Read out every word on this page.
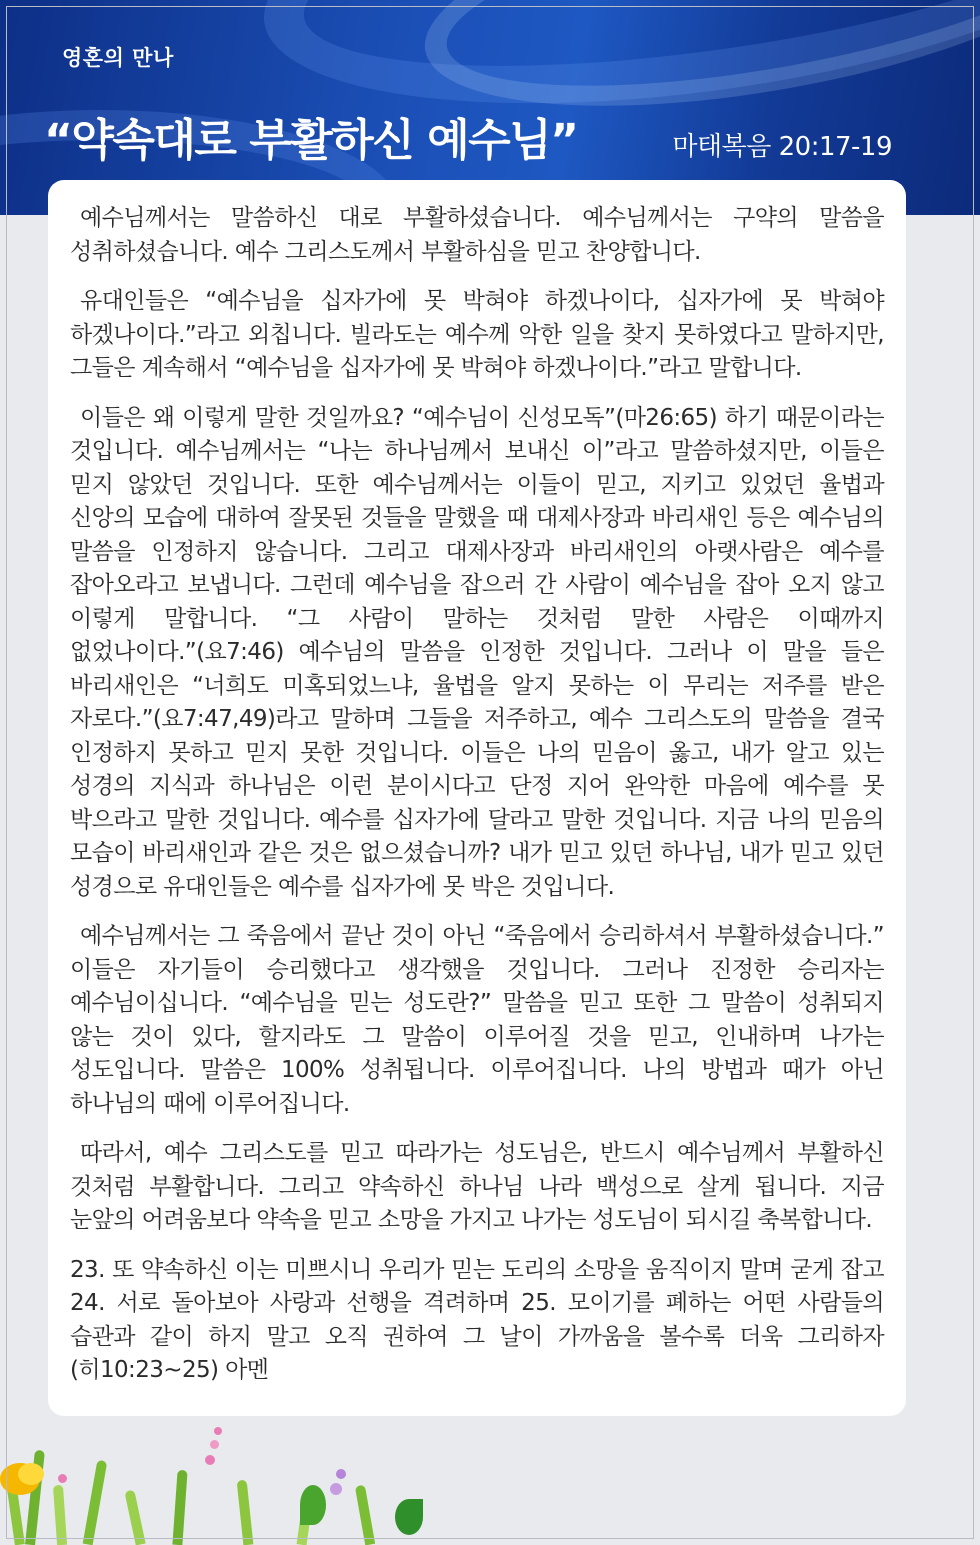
영혼의 만나
“약속대로 부활하신 예수님”	마태복음 20:17-19

예수님께서는 말씀하신 대로 부활하셨습니다. 예수님께서는 구약의 말씀을 성취하셨습니다. 예수 그리스도께서 부활하심을 믿고 찬양합니다.

유대인들은 “예수님을 십자가에 못 박혀야 하겠나이다, 십자가에 못 박혀야 하겠나이다.”라고 외칩니다. 빌라도는 예수께 악한 일을 찾지 못하였다고 말하지만, 그들은 계속해서 “예수님을 십자가에 못 박혀야 하겠나이다.”라고 말합니다.

이들은 왜 이렇게 말한 것일까요? “예수님이 신성모독”(마26:65) 하기 때문이라는 것입니다. 예수님께서는 “나는 하나님께서 보내신 이”라고 말씀하셨지만, 이들은 믿지 않았던 것입니다. 또한 예수님께서는 이들이 믿고, 지키고 있었던 율법과 신앙의 모습에 대하여 잘못된 것들을 말했을 때 대제사장과 바리새인 등은 예수님의 말씀을 인정하지 않습니다. 그리고 대제사장과 바리새인의 아랫사람은 예수를 잡아오라고 보냅니다. 그런데 예수님을 잡으러 간 사람이 예수님을 잡아 오지 않고 이렇게 말합니다. “그 사람이 말하는 것처럼 말한 사람은 이때까지 없었나이다.”(요7:46) 예수님의 말씀을 인정한 것입니다. 그러나 이 말을 들은 바리새인은 “너희도 미혹되었느냐, 율법을 알지 못하는 이 무리는 저주를 받은 자로다.”(요7:47,49)라고 말하며 그들을 저주하고, 예수 그리스도의 말씀을 결국 인정하지 못하고 믿지 못한 것입니다. 이들은 나의 믿음이 옳고, 내가 알고 있는 성경의 지식과 하나님은 이런 분이시다고 단정 지어 완악한 마음에 예수를 못 박으라고 말한 것입니다. 예수를 십자가에 달라고 말한 것입니다. 지금 나의 믿음의 모습이 바리새인과 같은 것은 없으셨습니까? 내가 믿고 있던 하나님, 내가 믿고 있던 성경으로 유대인들은 예수를 십자가에 못 박은 것입니다.

예수님께서는 그 죽음에서 끝난 것이 아닌 “죽음에서 승리하셔서 부활하셨습니다.” 이들은 자기들이 승리했다고 생각했을 것입니다. 그러나 진정한 승리자는 예수님이십니다. “예수님을 믿는 성도란?” 말씀을 믿고 또한 그 말씀이 성취되지 않는 것이 있다, 할지라도 그 말씀이 이루어질 것을 믿고, 인내하며 나가는 성도입니다. 말씀은 100% 성취됩니다. 이루어집니다. 나의 방법과 때가 아닌 하나님의 때에 이루어집니다.

따라서, 예수 그리스도를 믿고 따라가는 성도님은, 반드시 예수님께서 부활하신 것처럼 부활합니다. 그리고 약속하신 하나님 나라 백성으로 살게 됩니다. 지금 눈앞의 어려움보다 약속을 믿고 소망을 가지고 나가는 성도님이 되시길 축복합니다.

23. 또 약속하신 이는 미쁘시니 우리가 믿는 도리의 소망을 움직이지 말며 굳게 잡고 24. 서로 돌아보아 사랑과 선행을 격려하며 25. 모이기를 폐하는 어떤 사람들의 습관과 같이 하지 말고 오직 권하여 그 날이 가까움을 볼수록 더욱 그리하자(히10:23~25) 아멘
